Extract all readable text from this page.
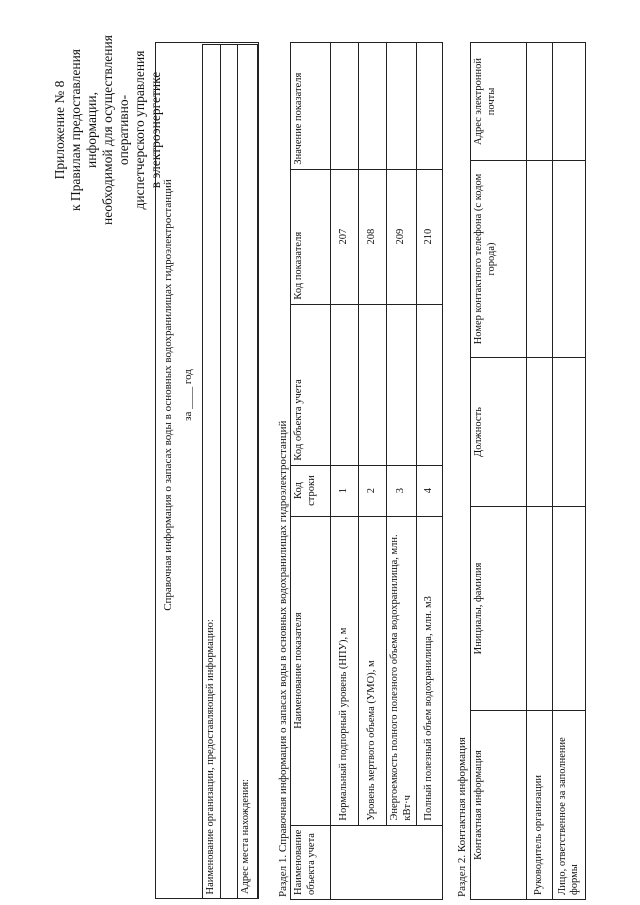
Приложение № 8 к Правилам предоставления информации, необходимой для осуществления оперативно- диспетчерского управления в электроэнергетике
Справочная информация о запасах воды в основных водохранилищах гидроэлектростанций за ____ год
Наименование организации, предоставляющей информацию:

Адрес места нахождения: Раздел 1. Справочная информация о запасах воды в основных водохранилищах гидроэлектростанций Наименование объекта учета	Наименование показателя	Код строки	Код объекта учета	Код показателя	Значение показателя
	Нормальный подпорный уровень (НПУ), м	1		207	
	Уровень мертвого объема (УМО), м	2		208	
	Энергоемкость полного полезного объема водохранилища, млн. кВт·ч	3		209	
	Полный полезный объем водохранилища, млн. м3	4		210	
Раздел 2. Контактная информация Контактная информация	Инициалы, фамилия	Должность	Номер контактного телефона (с кодом города)	Адрес электронной почты
Руководитель организации				
Лицо, ответственное за заполнение формы				
